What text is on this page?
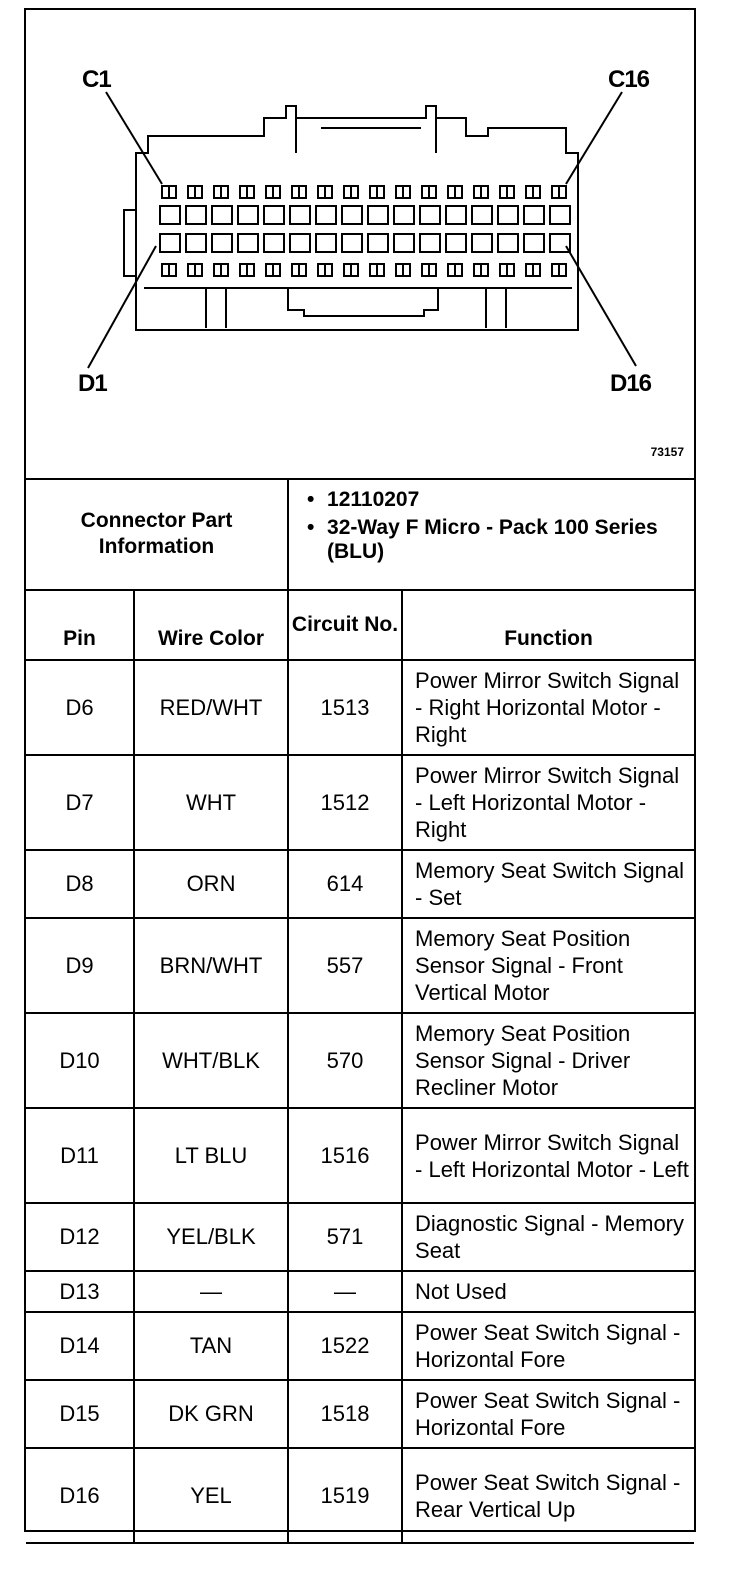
C1	C16
D1	D16
73157
Connector Part Information		• 12110207
• 32-Way F Micro - Pack 100 Series (BLU)

Pin	Wire Color	Circuit No.	Function
D6	RED/WHT	1513	Power Mirror Switch Signal - Right Horizontal Motor - Right
D7	WHT	1512	Power Mirror Switch Signal - Left Horizontal Motor - Right
D8	ORN	614	Memory Seat Switch Signal - Set
D9	BRN/WHT	557	Memory Seat Position Sensor Signal - Front Vertical Motor
D10	WHT/BLK	570	Memory Seat Position Sensor Signal - Driver Recliner Motor
D11	LT BLU	1516	Power Mirror Switch Signal - Left Horizontal Motor - Left
D12	YEL/BLK	571	Diagnostic Signal - Memory Seat
D13	—	—	Not Used
D14	TAN	1522	Power Seat Switch Signal - Horizontal Fore
D15	DK GRN	1518	Power Seat Switch Signal - Horizontal Fore
D16	YEL	1519	Power Seat Switch Signal - Rear Vertical Up
